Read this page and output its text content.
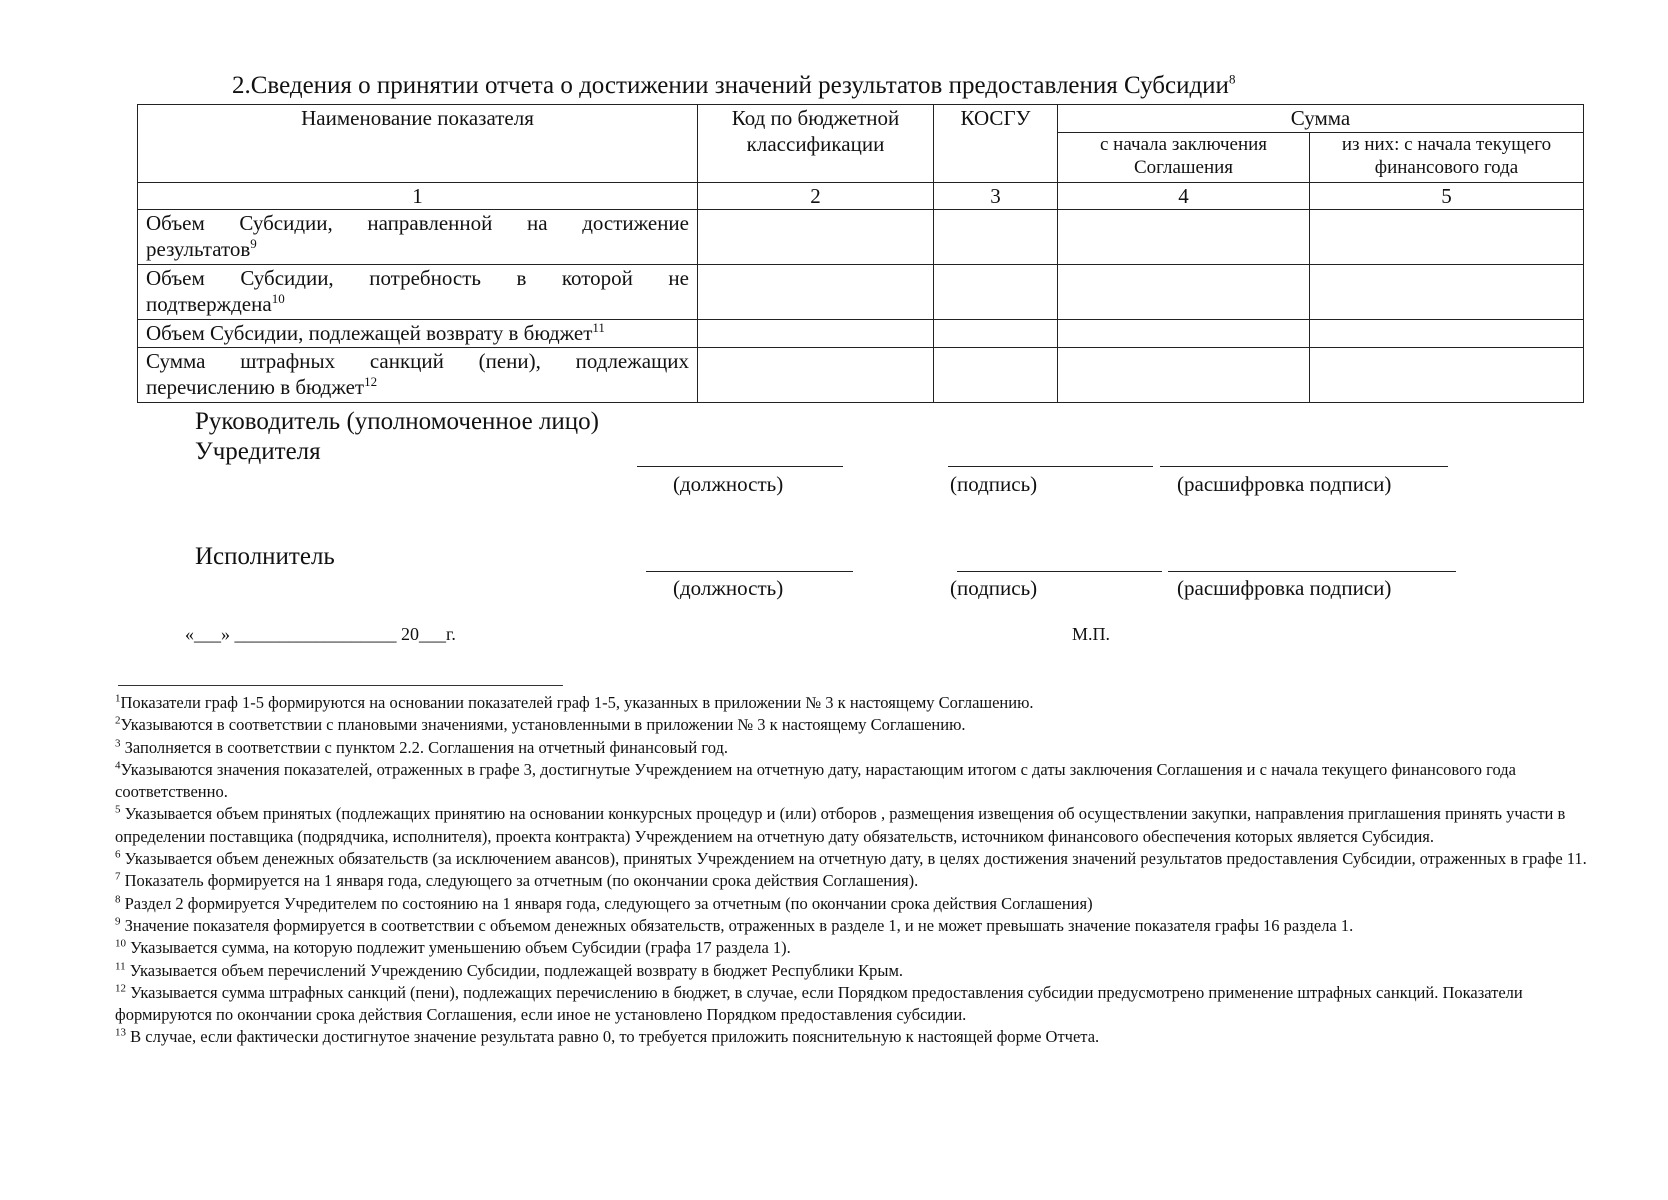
2.Сведения о принятии отчета о достижении значений результатов предоставления Субсидии$^8$
Наименование показателя	Код по бюджетной классификации	КОСГУ	Сумма	
			с начала заключения Соглашения	из них: с начала текущего финансового года
1	2	3	4	5
Объем Субсидии, направленной на достижение
результатов$^9$

Объем Субсидии, потребность в которой не
подтверждена$^{10}$

Объем Субсидии, подлежащей возврату в бюджет$^{11}$				
Сумма штрафных санкций (пени), подлежащих
перечислению в бюджет$^{12}$

Руководитель (уполномоченное лицо)
Учредителя
(должность)	(подпись)	(расшифровка подписи)
Исполнитель
(должность)	(подпись)	(расшифровка подписи)
«___» __________________ 20___г.	М.П.

$^1$Показатели граф 1-5 формируются на основании показателей граф 1-5, указанных в приложении № 3 к настоящему Соглашению.

$^2$Указываются в соответствии с плановыми значениями, установленными в приложении № 3 к настоящему Соглашению.

$^3$ Заполняется в соответствии с пунктом 2.2. Соглашения на отчетный финансовый год.

$^4$Указываются значения показателей, отраженных в графе 3, достигнутые Учреждением на отчетную дату, нарастающим итогом с даты заключения Соглашения и с начала текущего финансового года соответственно.

$^5$ Указывается объем принятых (подлежащих принятию на основании конкурсных процедур и (или) отборов , размещения извещения об осуществлении закупки, направления приглашения принять участи в определении поставщика (подрядчика, исполнителя), проекта контракта) Учреждением на отчетную дату обязательств, источником финансового обеспечения которых является Субсидия.

$^6$ Указывается объем денежных обязательств (за исключением авансов), принятых Учреждением на отчетную дату, в целях достижения значений результатов предоставления Субсидии, отраженных в графе 11.

$^7$ Показатель формируется на 1 января года, следующего за отчетным (по окончании срока действия Соглашения).

$^8$ Раздел 2 формируется Учредителем по состоянию на 1 января года, следующего за отчетным (по окончании срока действия Соглашения)

$^9$ Значение показателя формируется в соответствии с объемом денежных обязательств, отраженных в разделе 1, и не может превышать значение показателя графы 16 раздела 1.

$^{10}$ Указывается сумма, на которую подлежит уменьшению объем Субсидии (графа 17 раздела 1).

$^{11}$ Указывается объем перечислений Учреждению Субсидии, подлежащей возврату в бюджет Республики Крым.

$^{12}$ Указывается сумма штрафных санкций (пени), подлежащих перечислению в бюджет, в случае, если Порядком предоставления субсидии предусмотрено применение штрафных санкций. Показатели формируются по окончании срока действия Соглашения, если иное не установлено Порядком предоставления субсидии.

$^{13}$ В случае, если фактически достигнутое значение результата равно 0, то требуется приложить пояснительную к настоящей форме Отчета.
